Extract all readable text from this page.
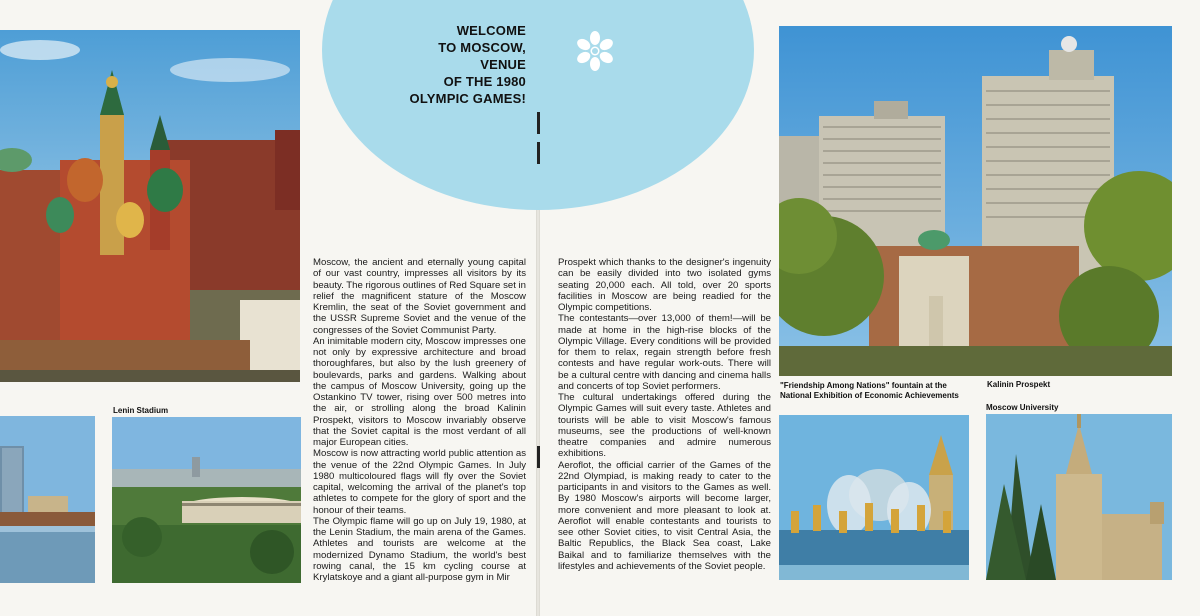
WELCOME
TO MOSCOW,
VENUE
OF THE 1980
OLYMPIC GAMES!
Lenin Stadium

Moscow, the ancient and eternally young capital of our vast country, impresses all visitors by its beauty. The rigorous outlines of Red Square set in relief the magnificent stature of the Moscow Kremlin, the seat of the Soviet government and the USSR Supreme Soviet and the venue of the congresses of the Soviet Communist Party.

An inimitable modern city, Moscow impresses one not only by expressive architecture and broad thoroughfares, but also by the lush greenery of boulevards, parks and gardens. Walking about the campus of Moscow University, going up the Ostankino TV tower, rising over 500 metres into the air, or strolling along the broad Kalinin Prospekt, visitors to Moscow invariably observe that the Soviet capital is the most verdant of all major European cities.

Moscow is now attracting world public attention as the venue of the 22nd Olympic Games. In July 1980 multicoloured flags will fly over the Soviet capital, welcoming the arrival of the planet's top athletes to compete for the glory of sport and the honour of their teams.

The Olympic flame will go up on July 19, 1980, at the Lenin Stadium, the main arena of the Games. Athletes and tourists are welcome at the modernized Dynamo Stadium, the world's best rowing canal, the 15 km cycling course at Krylatskoye and a giant all-purpose gym in Mir

Prospekt which thanks to the designer's ingenuity can be easily divided into two isolated gyms seating 20,000 each. All told, over 20 sports facilities in Moscow are being readied for the Olympic competitions.

The contestants—over 13,000 of them!—will be made at home in the high-rise blocks of the Olympic Village. Every conditions will be provided for them to relax, regain strength before fresh contests and have regular work-outs. There will be a cultural centre with dancing and cinema halls and concerts of top Soviet performers.

The cultural undertakings offered during the Olympic Games will suit every taste. Athletes and tourists will be able to visit Moscow's famous museums, see the productions of well-known theatre companies and admire numerous exhibitions.

Aeroflot, the official carrier of the Games of the 22nd Olympiad, is making ready to cater to the participants in and visitors to the Games as well. By 1980 Moscow's airports will become larger, more convenient and more pleasant to look at. Aeroflot will enable contestants and tourists to see other Soviet cities, to visit Central Asia, the Baltic Republics, the Black Sea coast, Lake Baikal and to familiarize themselves with the lifestyles and achievements of the Soviet people.

Kalinin Prospekt
"Friendship Among Nations" fountain at the National Exhibition of Economic Achievements
Moscow University
